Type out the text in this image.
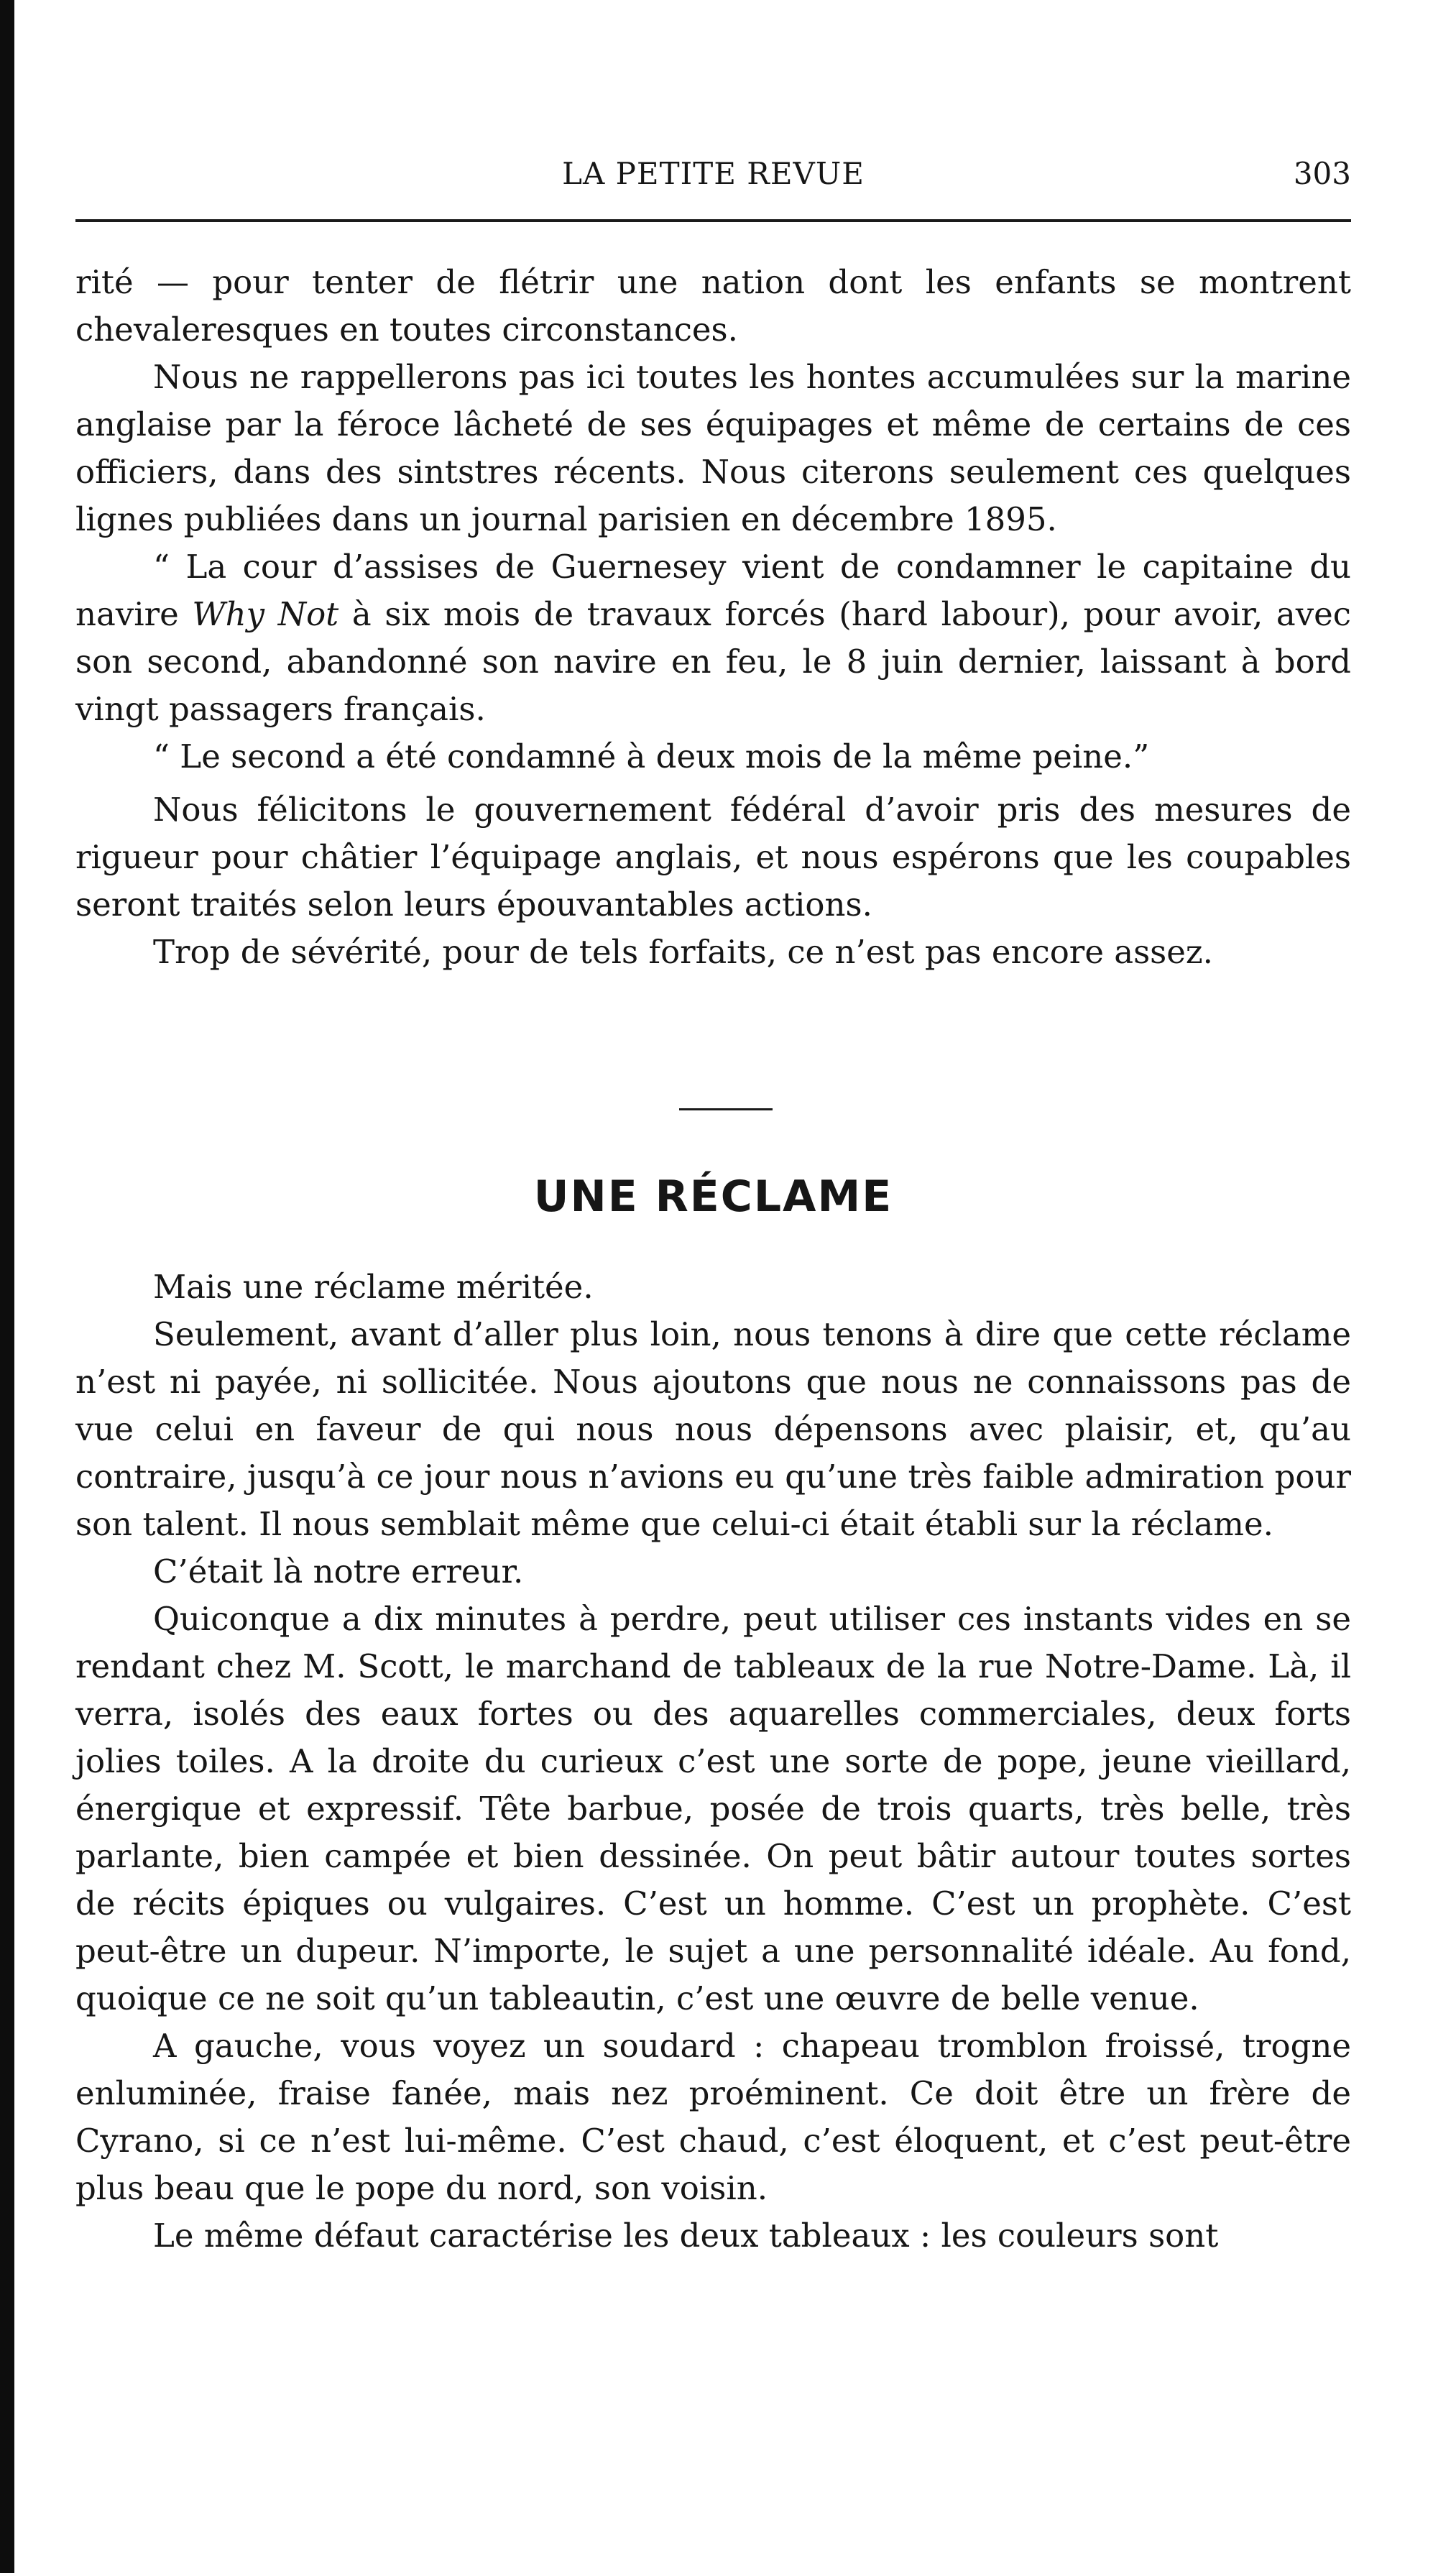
LA PETITE REVUE	303

rité — pour tenter de flétrir une nation dont les enfants se montrent chevaleresques en toutes circonstances.

Nous ne rappellerons pas ici toutes les hontes accumulées sur la marine anglaise par la féroce lâcheté de ses équipages et même de certains de ces officiers, dans des sintstres récents. Nous citerons seulement ces quelques lignes publiées dans un journal parisien en décembre 1895.

“ La cour d’assises de Guernesey vient de condamner le capitaine du navire Why Not à six mois de travaux forcés (hard labour), pour avoir, avec son second, abandonné son navire en feu, le 8 juin dernier, laissant à bord vingt passagers français.

“ Le second a été condamné à deux mois de la même peine.”

Nous félicitons le gouvernement fédéral d’avoir pris des mesures de rigueur pour châtier l’équipage anglais, et nous espérons que les coupables seront traités selon leurs épouvantables actions.

Trop de sévérité, pour de tels forfaits, ce n’est pas encore assez.

UNE RÉCLAME

Mais une réclame méritée.

Seulement, avant d’aller plus loin, nous tenons à dire que cette réclame n’est ni payée, ni sollicitée. Nous ajoutons que nous ne connaissons pas de vue celui en faveur de qui nous nous dépensons avec plaisir, et, qu’au contraire, jusqu’à ce jour nous n’avions eu qu’une très faible admiration pour son talent. Il nous semblait même que celui-ci était établi sur la réclame.

C’était là notre erreur.

Quiconque a dix minutes à perdre, peut utiliser ces instants vides en se rendant chez M. Scott, le marchand de tableaux de la rue Notre-Dame. Là, il verra, isolés des eaux fortes ou des aquarelles commerciales, deux forts jolies toiles. A la droite du curieux c’est une sorte de pope, jeune vieillard, énergique et expressif. Tête barbue, posée de trois quarts, très belle, très parlante, bien campée et bien dessinée. On peut bâtir autour toutes sortes de récits épiques ou vulgaires. C’est un homme. C’est un prophète. C’est peut-être un dupeur. N’importe, le sujet a une personnalité idéale. Au fond, quoique ce ne soit qu’un tableautin, c’est une œuvre de belle venue.

A gauche, vous voyez un soudard : chapeau tromblon froissé, trogne enluminée, fraise fanée, mais nez proéminent. Ce doit être un frère de Cyrano, si ce n’est lui-même. C’est chaud, c’est éloquent, et c’est peut-être plus beau que le pope du nord, son voisin.

Le même défaut caractérise les deux tableaux : les couleurs sont
